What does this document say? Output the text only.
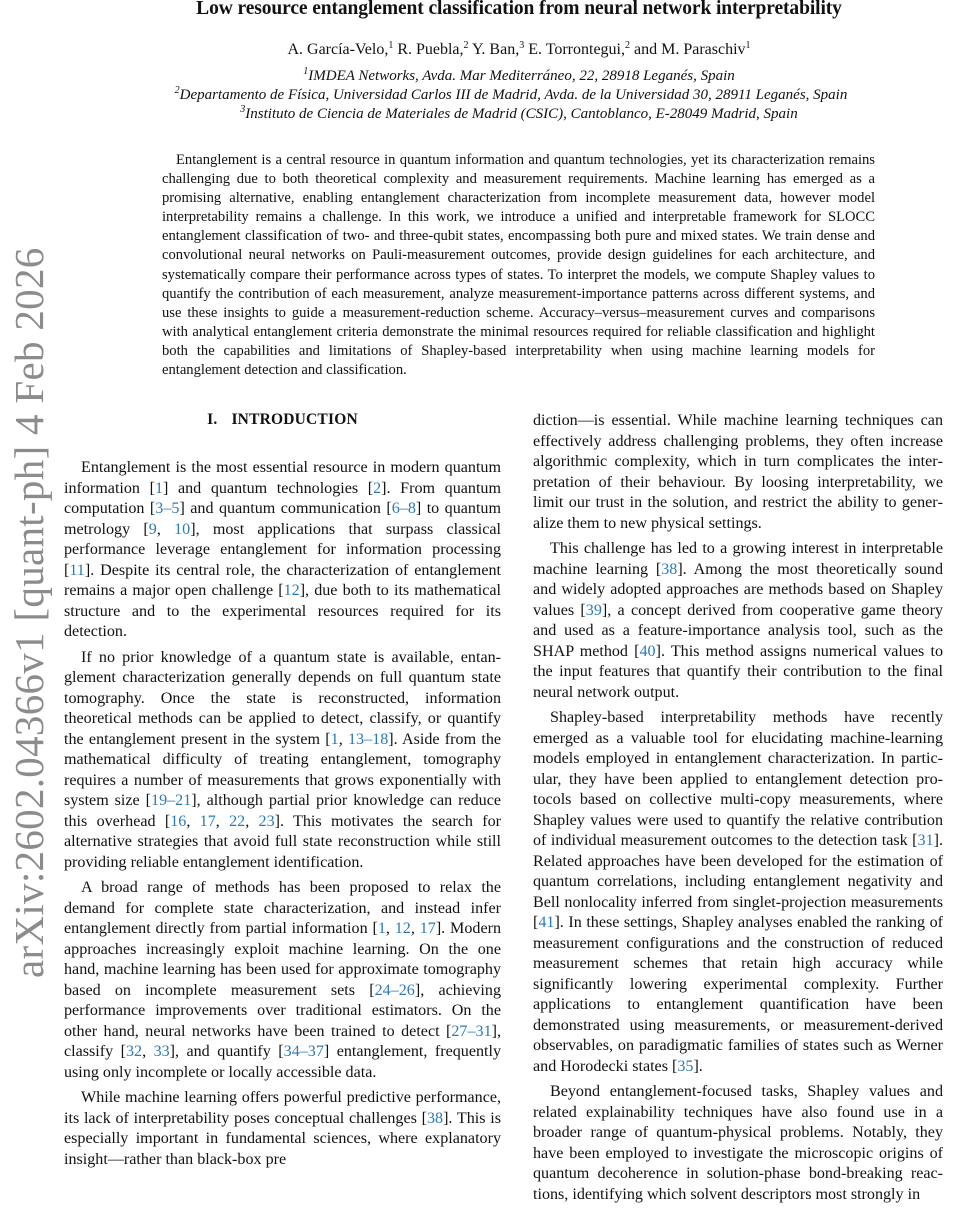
Low resource entanglement classification from neural network interpretability
A. García-Velo,$^1$ R. Puebla,$^2$ Y. Ban,$^3$ E. Torrontegui,$^2$ and M. Paraschiv$^1$
$^1$IMDEA Networks, Avda. Mar Mediterráneo, 22, 28918 Leganés, Spain
$^2$Departamento de Física, Universidad Carlos III de Madrid, Avda. de la Universidad 30, 28911 Leganés, Spain
$^3$Instituto de Ciencia de Materiales de Madrid (CSIC), Cantoblanco, E-28049 Madrid, Spain
Entanglement is a central resource in quantum information and quantum technologies, yet its characterization remains challenging due to both theoretical complexity and measurement requirements. Machine learning has emerged as a promising alternative, enabling entanglement characterization from incomplete measurement data, however model interpretability remains a challenge. In this work, we introduce a unified and interpretable framework for SLOCC entanglement classification of two- and three-qubit states, encompassing both pure and mixed states. We train dense and convolutional neural networks on Pauli-measurement outcomes, provide design guidelines for each architecture, and systematically compare their performance across types of states. To interpret the models, we compute Shapley values to quantify the contribution of each measurement, analyze measurement-importance patterns across different systems, and use these insights to guide a measurement-reduction scheme. Accuracy–versus–measurement curves and comparisons with analytical entanglement criteria demonstrate the minimal resources required for reliable classification and highlight both the capabilities and limitations of Shapley-based interpretability when using machine learning models for entanglement detection and classification.
arXiv:2602.04366v1 [quant-ph] 4 Feb 2026	I. INTRODUCTION

Entanglement is the most essential resource in modern quantum information [1] and quantum technologies [2]. From quantum computation [3–5] and quantum communication [6–8] to quantum metrology [9, 10], most applications that surpass classical performance leverage entanglement for information processing [11]. Despite its central role, the characterization of entanglement remains a major open challenge [12], due both to its mathematical structure and to the experimental resources required for its detection.

If no prior knowledge of a quantum state is available, entanglement characterization generally depends on full quantum state tomography. Once the state is reconstructed, information theoretical methods can be applied to detect, classify, or quantify the entanglement present in the system [1, 13–18]. Aside from the mathematical difficulty of treating entanglement, tomography requires a number of measurements that grows exponentially with system size [19–21], although partial prior knowledge can reduce this overhead [16, 17, 22, 23]. This motivates the search for alternative strategies that avoid full state reconstruction while still providing reliable entanglement identification.

A broad range of methods has been proposed to relax the demand for complete state characterization, and instead infer entanglement directly from partial information [1, 12, 17]. Modern approaches increasingly exploit machine learning. On the one hand, machine learning has been used for approximate tomography based on incomplete measurement sets [24–26], achieving performance improvements over traditional estimators. On the other hand, neural networks have been trained to detect [27–31], classify [32, 33], and quantify [34–37] entanglement, frequently using only incomplete or locally accessible data.

While machine learning offers powerful predictive performance, its lack of interpretability poses conceptual challenges [38]. This is especially important in fundamental sciences, where explanatory insight—rather than black-box pre

diction—is essential. While machine learning techniques can effectively address challenging problems, they often increase algorithmic complexity, which in turn complicates the interpretation of their behaviour. By loosing interpretability, we limit our trust in the solution, and restrict the ability to generalize them to new physical settings.

This challenge has led to a growing interest in interpretable machine learning [38]. Among the most theoretically sound and widely adopted approaches are methods based on Shapley values [39], a concept derived from cooperative game theory and used as a feature-importance analysis tool, such as the SHAP method [40]. This method assigns numerical values to the input features that quantify their contribution to the final neural network output.

Shapley-based interpretability methods have recently emerged as a valuable tool for elucidating machine-learning models employed in entanglement characterization. In particular, they have been applied to entanglement detection protocols based on collective multi-copy measurements, where Shapley values were used to quantify the relative contribution of individual measurement outcomes to the detection task [31]. Related approaches have been developed for the estimation of quantum correlations, including entanglement negativity and Bell nonlocality inferred from singlet-projection measurements [41]. In these settings, Shapley analyses enabled the ranking of measurement configurations and the construction of reduced measurement schemes that retain high accuracy while significantly lowering experimental complexity. Further applications to entanglement quantification have been demonstrated using measurements, or measurement-derived observables, on paradigmatic families of states such as Werner and Horodecki states [35].

Beyond entanglement-focused tasks, Shapley values and related explainability techniques have also found use in a broader range of quantum-physical problems. Notably, they have been employed to investigate the microscopic origins of quantum decoherence in solution-phase bond-breaking reactions, identifying which solvent descriptors most strongly in
